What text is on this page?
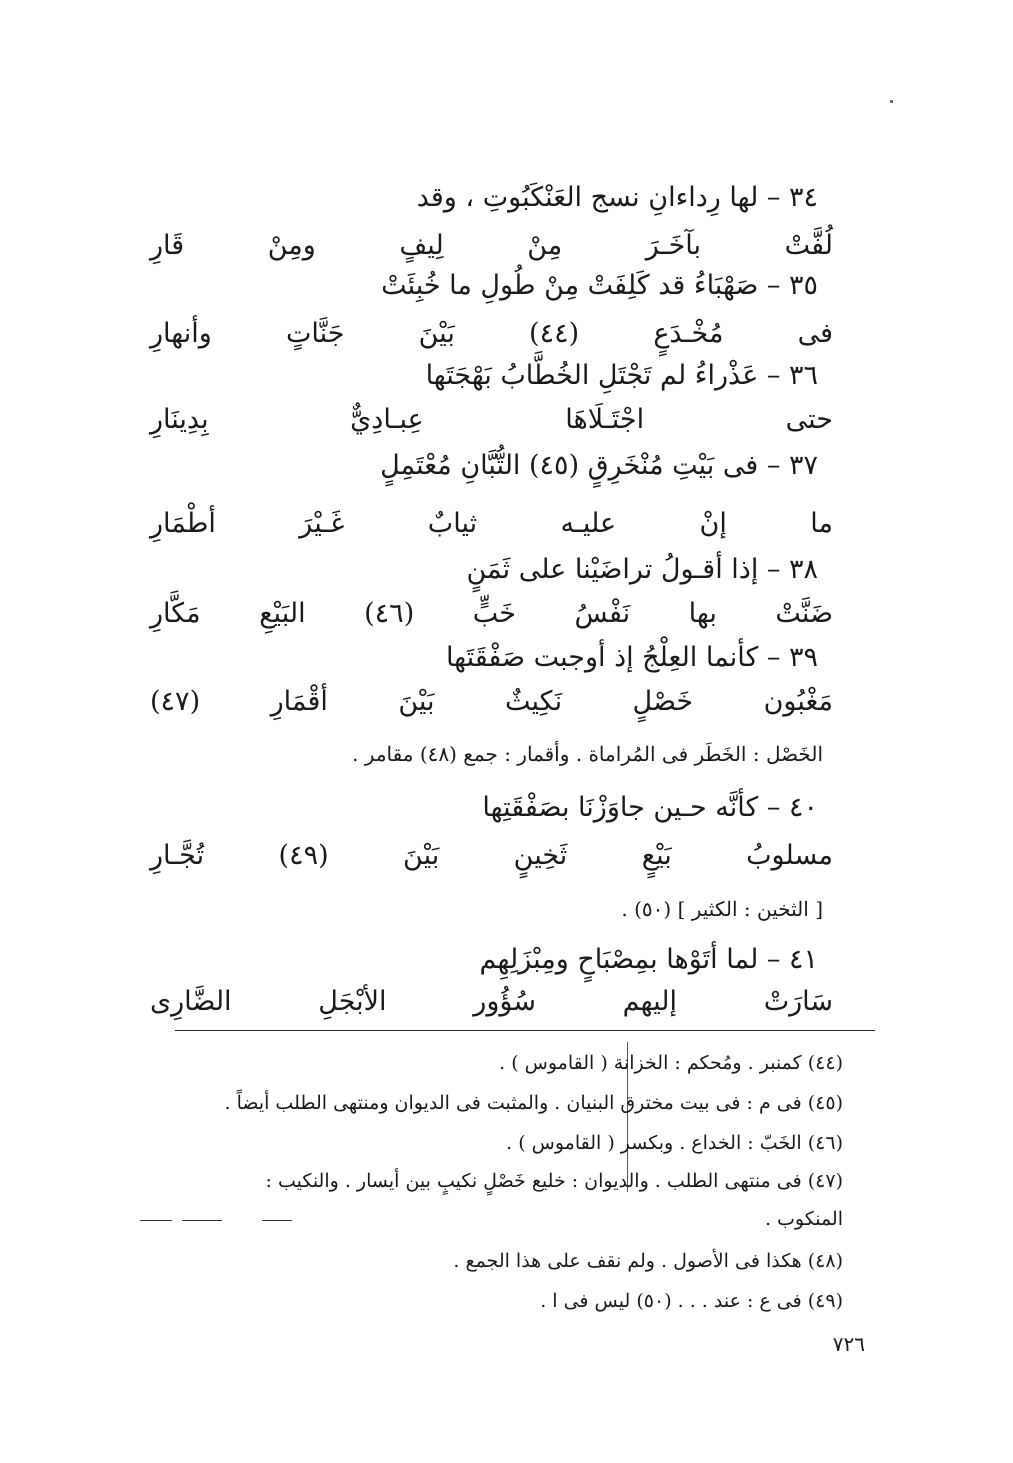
٣٤ – لها رِداءانِ نسج العَنْكَبُوتِ ، وقد
لُفَّتْ بآخَـرَ مِنْ لِيفٍ ومِنْ قَارِ
٣٥ – صَهْبَاءُ قد كَلِفَتْ مِنْ طُولِ ما خُبِئَتْ
فى مُخْـدَعٍ (٤٤) بَيْنَ جَنَّاتٍ وأنهارِ
٣٦ – عَذْراءُ لم تَجْتَلِ الخُطَّابُ بَهْجَتَها
حتى اجْتَـلَاهَا عِبـادِيٌّ بِدِينَارِ
٣٧ – فى بَيْتِ مُنْخَرِقٍ (٤٥) التُّبَّانِ مُعْتَمِلٍ
ما إنْ عليـه ثيابٌ غَـيْرَ أطْمَارِ
٣٨ – إذا أقـولُ تراضَيْنا على ثَمَنٍ
ضَنَّتْ بها نَفْسُ خَبٍّ (٤٦) البَيْعِ مَكَّارِ
٣٩ – كأنما العِلْجُ إذ أوجبت صَفْقَتَها
مَغْبُون خَصْلٍ نَكِيثٌ بَيْنَ أقْمَارِ (٤٧)
الخَصْل : الخَطَر فى المُراماة . وأقمار : جمع (٤٨) مقامر .
٤٠ – كأنَّه حـين جاوَزْنَا بصَفْقَتِها
مسلوبُ بَيْعٍ ثَخِينٍ بَيْنَ (٤٩) تُجَّـارِ
[ الثخين : الكثير ] (٥٠) .
٤١ – لما أتَوْها بمِصْبَاحٍ ومِبْزَلِهِم
سَارَتْ إليهم سُؤُور الأبْجَلِ الضَّارِى
(٤٤) كمنبر . ومُحكم : الخزانة ( القاموس ) .
(٤٥) فى م : فى بيت مخترق البنيان . والمثبت فى الديوان ومنتهى الطلب أيضاً .
(٤٦) الخَبّ : الخداع . وبكسر ( القاموس ) .
(٤٧) فى منتهى الطلب . والديوان : خليع خَصْلٍ نكيبٍ بين أيسار . والنكيب :
المنكوب .
(٤٨) هكذا فى الأصول . ولم نقف على هذا الجمع .
(٤٩) فى ع : عند . . . (٥٠) ليس فى ا .
٧٢٦
